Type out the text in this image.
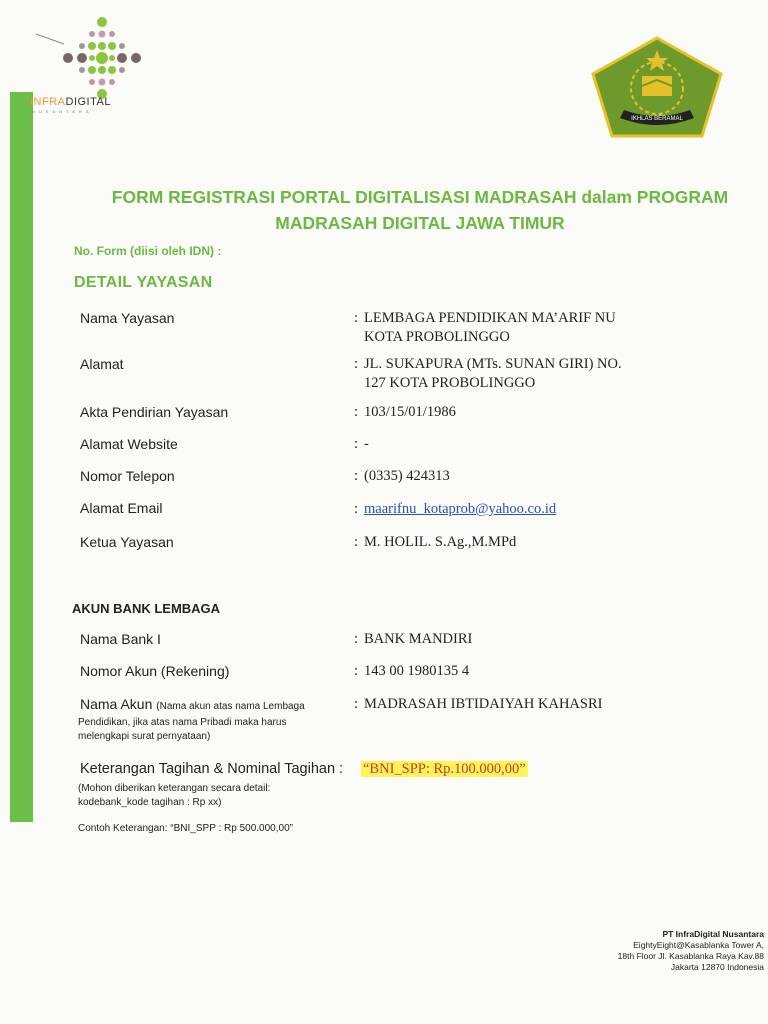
INFRADIGITAL
NUSANTARA
IKHLAS BERAMAL
FORM REGISTRASI PORTAL DIGITALISASI MADRASAH dalam PROGRAM
MADRASAH DIGITAL JAWA TIMUR
No. Form (diisi oleh IDN) :
DETAIL YAYASAN
Nama Yayasan	: LEMBAGA PENDIDIKAN MA’ARIF NU
KOTA PROBOLINGGO
Alamat	: JL. SUKAPURA (MTs. SUNAN GIRI) NO.
127 KOTA PROBOLINGGO
Akta Pendirian Yayasan	: 103/15/01/1986
Alamat Website	: -
Nomor Telepon	: (0335) 424313
Alamat Email	: maarifnu_kotaprob@yahoo.co.id
Ketua Yayasan	: M. HOLIL. S.Ag.,M.MPd
AKUN BANK LEMBAGA
Nama Bank I	: BANK MANDIRI
Nomor Akun (Rekening)	: 143 00 1980135 4
Nama Akun (Nama akun atas nama Lembaga
Pendidikan, jika atas nama Pribadi maka harus
melengkapi surat pernyataan)
: MADRASAH IBTIDAIYAH KAHASRI
Keterangan Tagihan & Nominal Tagihan : “BNI_SPP: Rp.100.000,00”
(Mohon diberikan keterangan secara detail:
kodebank_kode tagihan : Rp xx)
Contoh Keterangan: “BNI_SPP : Rp 500.000,00”
PT InfraDigital Nusantara
EightyEight@Kasablanka Tower A,
18th Floor Jl. Kasablanka Raya Kav.88
Jakarta 12870 Indonesia
